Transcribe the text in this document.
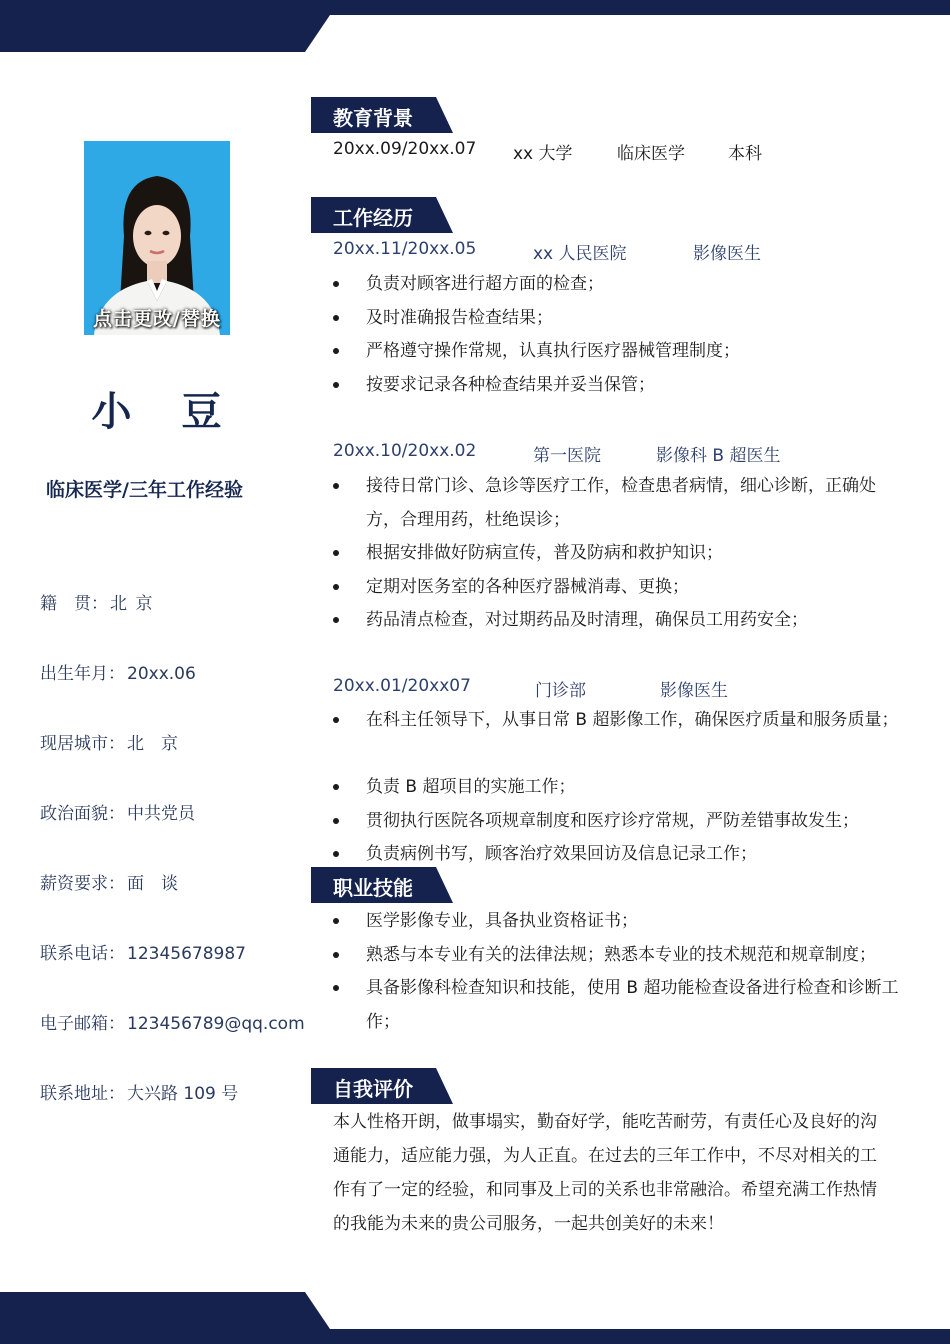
点击更改/替换
小豆
临床医学/三年工作经验
籍　贯： 北 京
出生年月： 20xx.06
现居城市： 北  京
政治面貌： 中共党员
薪资要求： 面  谈
联系电话： 12345678987
电子邮箱： 123456789@qq.com
联系地址： 大兴路 109 号
教育背景
20xx.09/20xx.07 xx 大学	临床医学	本科
工作经历
20xx.11/20xx.05	xx 人民医院	影像医生
负责对顾客进行超方面的检查；
及时准确报告检查结果；
严格遵守操作常规，认真执行医疗器械管理制度；
按要求记录各种检查结果并妥当保管；
20xx.10/20xx.02	第一医院	影像科 B 超医生
接待日常门诊、急诊等医疗工作，检查患者病情，细心诊断，正确处方，合理用药，杜绝误诊；
根据安排做好防病宣传，普及防病和救护知识；
定期对医务室的各种医疗器械消毒、更换；
药品清点检查，对过期药品及时清理，确保员工用药安全；
20xx.01/20xx07	门诊部	影像医生
在科主任领导下，从事日常 B 超影像工作，确保医疗质量和服务质量；
负责 B 超项目的实施工作；
贯彻执行医院各项规章制度和医疗诊疗常规，严防差错事故发生；
负责病例书写，顾客治疗效果回访及信息记录工作；
职业技能
医学影像专业，具备执业资格证书；
熟悉与本专业有关的法律法规；熟悉本专业的技术规范和规章制度；
具备影像科检查知识和技能，使用 B 超功能检查设备进行检查和诊断工作；
自我评价
本人性格开朗，做事塌实，勤奋好学，能吃苦耐劳，有责任心及良好的沟通能力，适应能力强，为人正直。在过去的三年工作中，不尽对相关的工作有了一定的经验，和同事及上司的关系也非常融洽。希望充满工作热情的我能为未来的贵公司服务，一起共创美好的未来！
